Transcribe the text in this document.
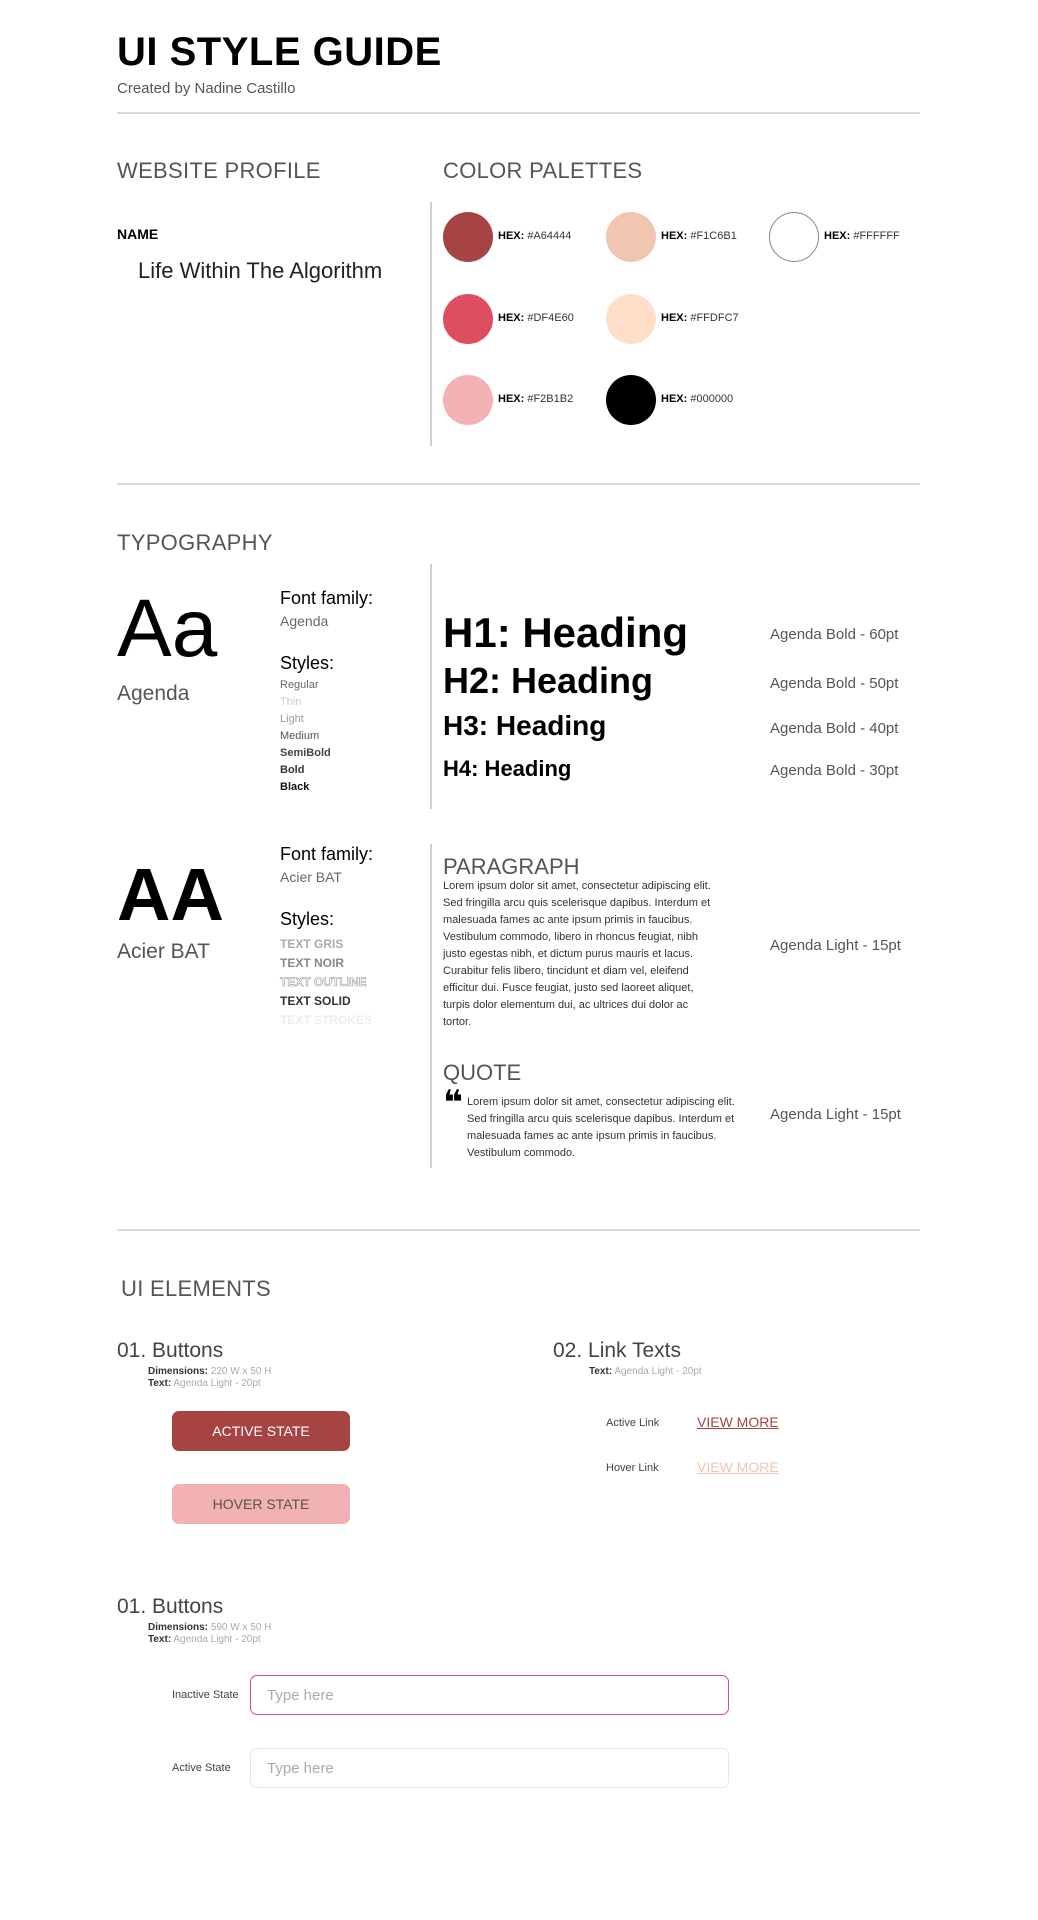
UI STYLE GUIDE
Created by Nadine Castillo
WEBSITE PROFILE
NAME
Life Within The Algorithm
COLOR PALETTES
HEX: #A64444	HEX: #F1C6B1	HEX: #FFFFFF
HEX: #DF4E60	HEX: #FFDFC7
HEX: #F2B1B2	HEX: #000000
TYPOGRAPHY
Aa
Agenda
Font family:
Agenda
Styles:
Regular
Thin
Light
Medium
SemiBold
Bold
Black
H1: Heading	Agenda Bold - 60pt
H2: Heading	Agenda Bold - 50pt
H3: Heading	Agenda Bold - 40pt
H4: Heading	Agenda Bold - 30pt
AA
Acier BAT
Font family:
Acier BAT
Styles:
TEXT GRIS
TEXT NOIR
TEXT OUTLINE
TEXT SOLID
TEXT STROKES
PARAGRAPH
Lorem ipsum dolor sit amet, consectetur adipiscing elit. Sed fringilla arcu quis scelerisque dapibus. Interdum et malesuada fames ac ante ipsum primis in faucibus. Vestibulum commodo, libero in rhoncus feugiat, nibh justo egestas nibh, et dictum purus mauris et lacus. Curabitur felis libero, tincidunt et diam vel, eleifend efficitur dui. Fusce feugiat, justo sed laoreet aliquet, turpis dolor elementum dui, ac ultrices dui dolor ac tortor.
Agenda Light - 15pt
QUOTE
❝ Lorem ipsum dolor sit amet, consectetur adipiscing elit. Sed fringilla arcu quis scelerisque dapibus. Interdum et malesuada fames ac ante ipsum primis in faucibus. Vestibulum commodo.
Agenda Light - 15pt
UI ELEMENTS
01. Buttons
Dimensions: 220 W x 50 H
Text: Agenda Light - 20pt
ACTIVE STATE
HOVER STATE
02. Link Texts
Text: Agenda Light - 20pt
Active Link	VIEW MORE
Hover Link	VIEW MORE
01. Buttons
Dimensions: 590 W x 50 H
Text: Agenda Light - 20pt
Inactive State
Type here
Active State
Type here
